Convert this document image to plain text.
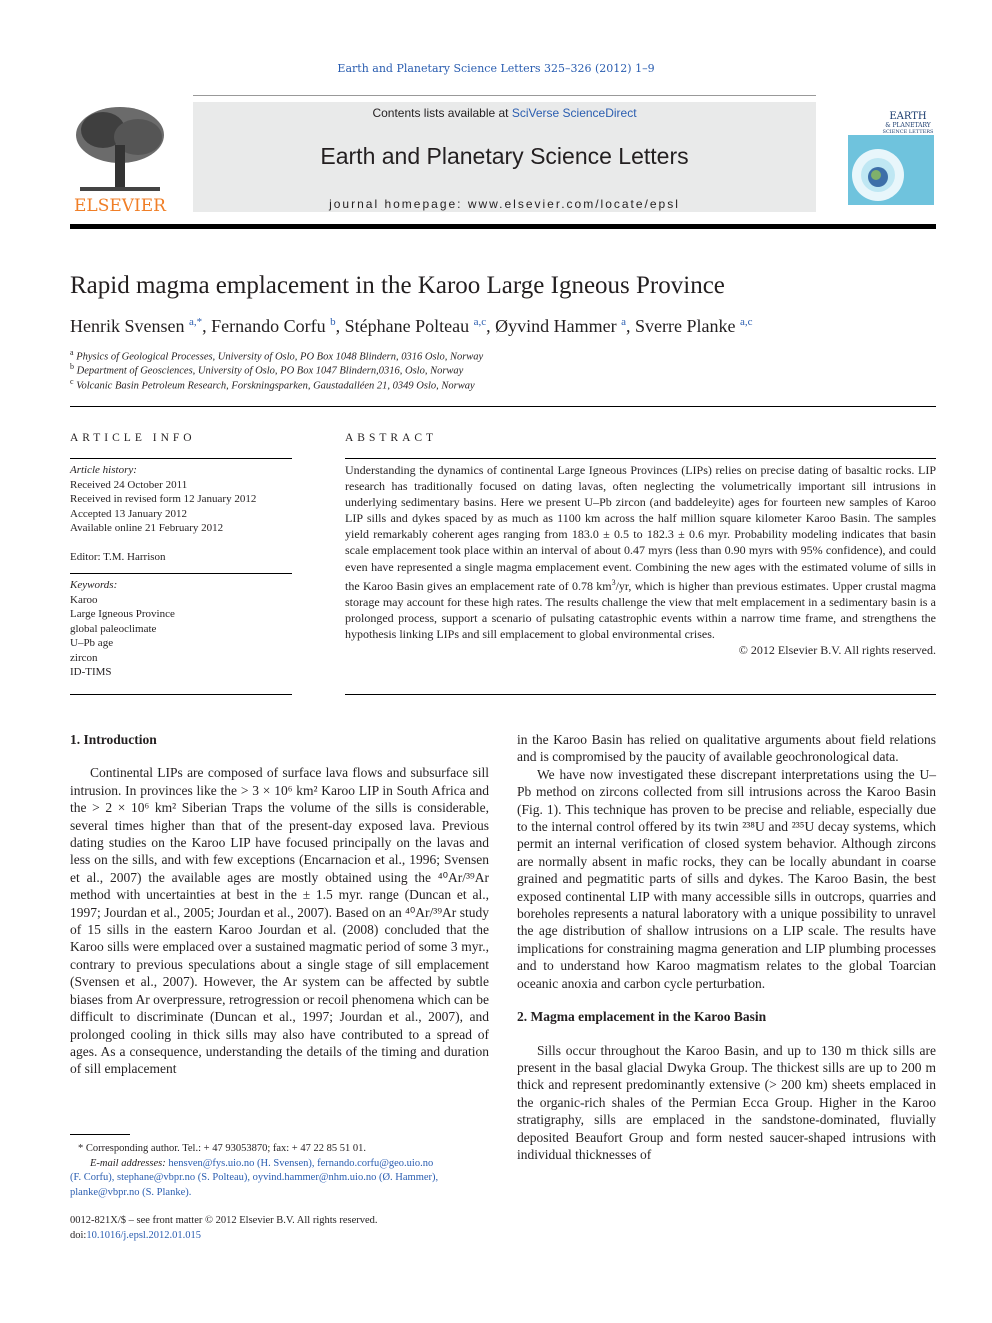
Earth and Planetary Science Letters 325–326 (2012) 1–9
Contents lists available at SciVerse ScienceDirect
Earth and Planetary Science Letters
journal homepage: www.elsevier.com/locate/epsl
ELSEVIER
EARTH
& PLANETARY
SCIENCE LETTERS
Rapid magma emplacement in the Karoo Large Igneous Province
Henrik Svensen $^{a,*}$, Fernando Corfu $^b$, Stéphane Polteau $^{a,c}$, Øyvind Hammer $^a$, Sverre Planke $^{a,c}$
$^a$ Physics of Geological Processes, University of Oslo, PO Box 1048 Blindern, 0316 Oslo, Norway
$^b$ Department of Geosciences, University of Oslo, PO Box 1047 Blindern,0316, Oslo, Norway
$^c$ Volcanic Basin Petroleum Research, Forskningsparken, Gaustadalléen 21, 0349 Oslo, Norway
ARTICLE INFO
Article history:
Received 24 October 2011
Received in revised form 12 January 2012
Accepted 13 January 2012
Available online 21 February 2012
Editor: T.M. Harrison
Keywords:
Karoo
Large Igneous Province
global paleoclimate
U–Pb age
zircon
ID-TIMS
ABSTRACT
Understanding the dynamics of continental Large Igneous Provinces (LIPs) relies on precise dating of basaltic rocks. LIP research has traditionally focused on dating lavas, often neglecting the volumetrically important sill intrusions in underlying sedimentary basins. Here we present U–Pb zircon (and baddeleyite) ages for fourteen new samples of Karoo LIP sills and dykes spaced by as much as 1100 km across the half million square kilometer Karoo Basin. The samples yield remarkably coherent ages ranging from 183.0 ± 0.5 to 182.3 ± 0.6 myr. Probability modeling indicates that basin scale emplacement took place within an interval of about 0.47 myrs (less than 0.90 myrs with 95% confidence), and could even have represented a single magma emplacement event. Combining the new ages with the estimated volume of sills in the Karoo Basin gives an emplacement rate of 0.78 $km^3/yr$, which is higher than previous estimates. Upper crustal magma storage may account for these high rates. The results challenge the view that melt emplacement in a sedimentary basin is a prolonged process, support a scenario of pulsating catastrophic events within a narrow time frame, and strengthens the hypothesis linking LIPs and sill emplacement to global environmental crises.
© 2012 Elsevier B.V. All rights reserved.
1. Introduction

Continental LIPs are composed of surface lava flows and subsurface sill intrusion. In provinces like the > 3 × 10⁶ km² Karoo LIP in South Africa and the > 2 × 10⁶ km² Siberian Traps the volume of the sills is considerable, several times higher than that of the present-day exposed lava. Previous dating studies on the Karoo LIP have focused principally on the lavas and less on the sills, and with few exceptions (Encarnacion et al., 1996; Svensen et al., 2007) the available ages are mostly obtained using the ⁴⁰Ar/³⁹Ar method with uncertainties at best in the ± 1.5 myr. range (Duncan et al., 1997; Jourdan et al., 2005; Jourdan et al., 2007). Based on an ⁴⁰Ar/³⁹Ar study of 15 sills in the eastern Karoo Jourdan et al. (2008) concluded that the Karoo sills were emplaced over a sustained magmatic period of some 3 myr., contrary to previous speculations about a single stage of sill emplacement (Svensen et al., 2007). However, the Ar system can be affected by subtle biases from Ar overpressure, retrogression or recoil phenomena which can be difficult to discriminate (Duncan et al., 1997; Jourdan et al., 2007), and prolonged cooling in thick sills may also have contributed to a spread of ages. As a consequence, understanding the details of the timing and duration of sill emplacement

in the Karoo Basin has relied on qualitative arguments about field relations and is compromised by the paucity of available geochronological data.

We have now investigated these discrepant interpretations using the U–Pb method on zircons collected from sill intrusions across the Karoo Basin (Fig. 1). This technique has proven to be precise and reliable, especially due to the internal control offered by its twin ²³⁸U and ²³⁵U decay systems, which permit an internal verification of closed system behavior. Although zircons are normally absent in mafic rocks, they can be locally abundant in coarse grained and pegmatitic parts of sills and dykes. The Karoo Basin, the best exposed continental LIP with many accessible sills in outcrops, quarries and boreholes represents a natural laboratory with a unique possibility to unravel the age distribution of shallow intrusions on a LIP scale. The results have implications for constraining magma generation and LIP plumbing processes and to understand how Karoo magmatism relates to the global Toarcian oceanic anoxia and carbon cycle perturbation.

2. Magma emplacement in the Karoo Basin

Sills occur throughout the Karoo Basin, and up to 130 m thick sills are present in the basal glacial Dwyka Group. The thickest sills are up to 200 m thick and represent predominantly extensive (> 200 km) sheets emplaced in the organic-rich shales of the Permian Ecca Group. Higher in the Karoo stratigraphy, sills are emplaced in the sandstone-dominated, fluvially deposited Beaufort Group and form nested saucer-shaped intrusions with individual thicknesses of

* Corresponding author. Tel.: + 47 93053870; fax: + 47 22 85 51 01.
E-mail addresses: hensven@fys.uio.no (H. Svensen), fernando.corfu@geo.uio.no
(F. Corfu), stephane@vbpr.no (S. Polteau), oyvind.hammer@nhm.uio.no (Ø. Hammer),
planke@vbpr.no (S. Planke).
0012-821X/$ – see front matter © 2012 Elsevier B.V. All rights reserved.
doi:10.1016/j.epsl.2012.01.015
